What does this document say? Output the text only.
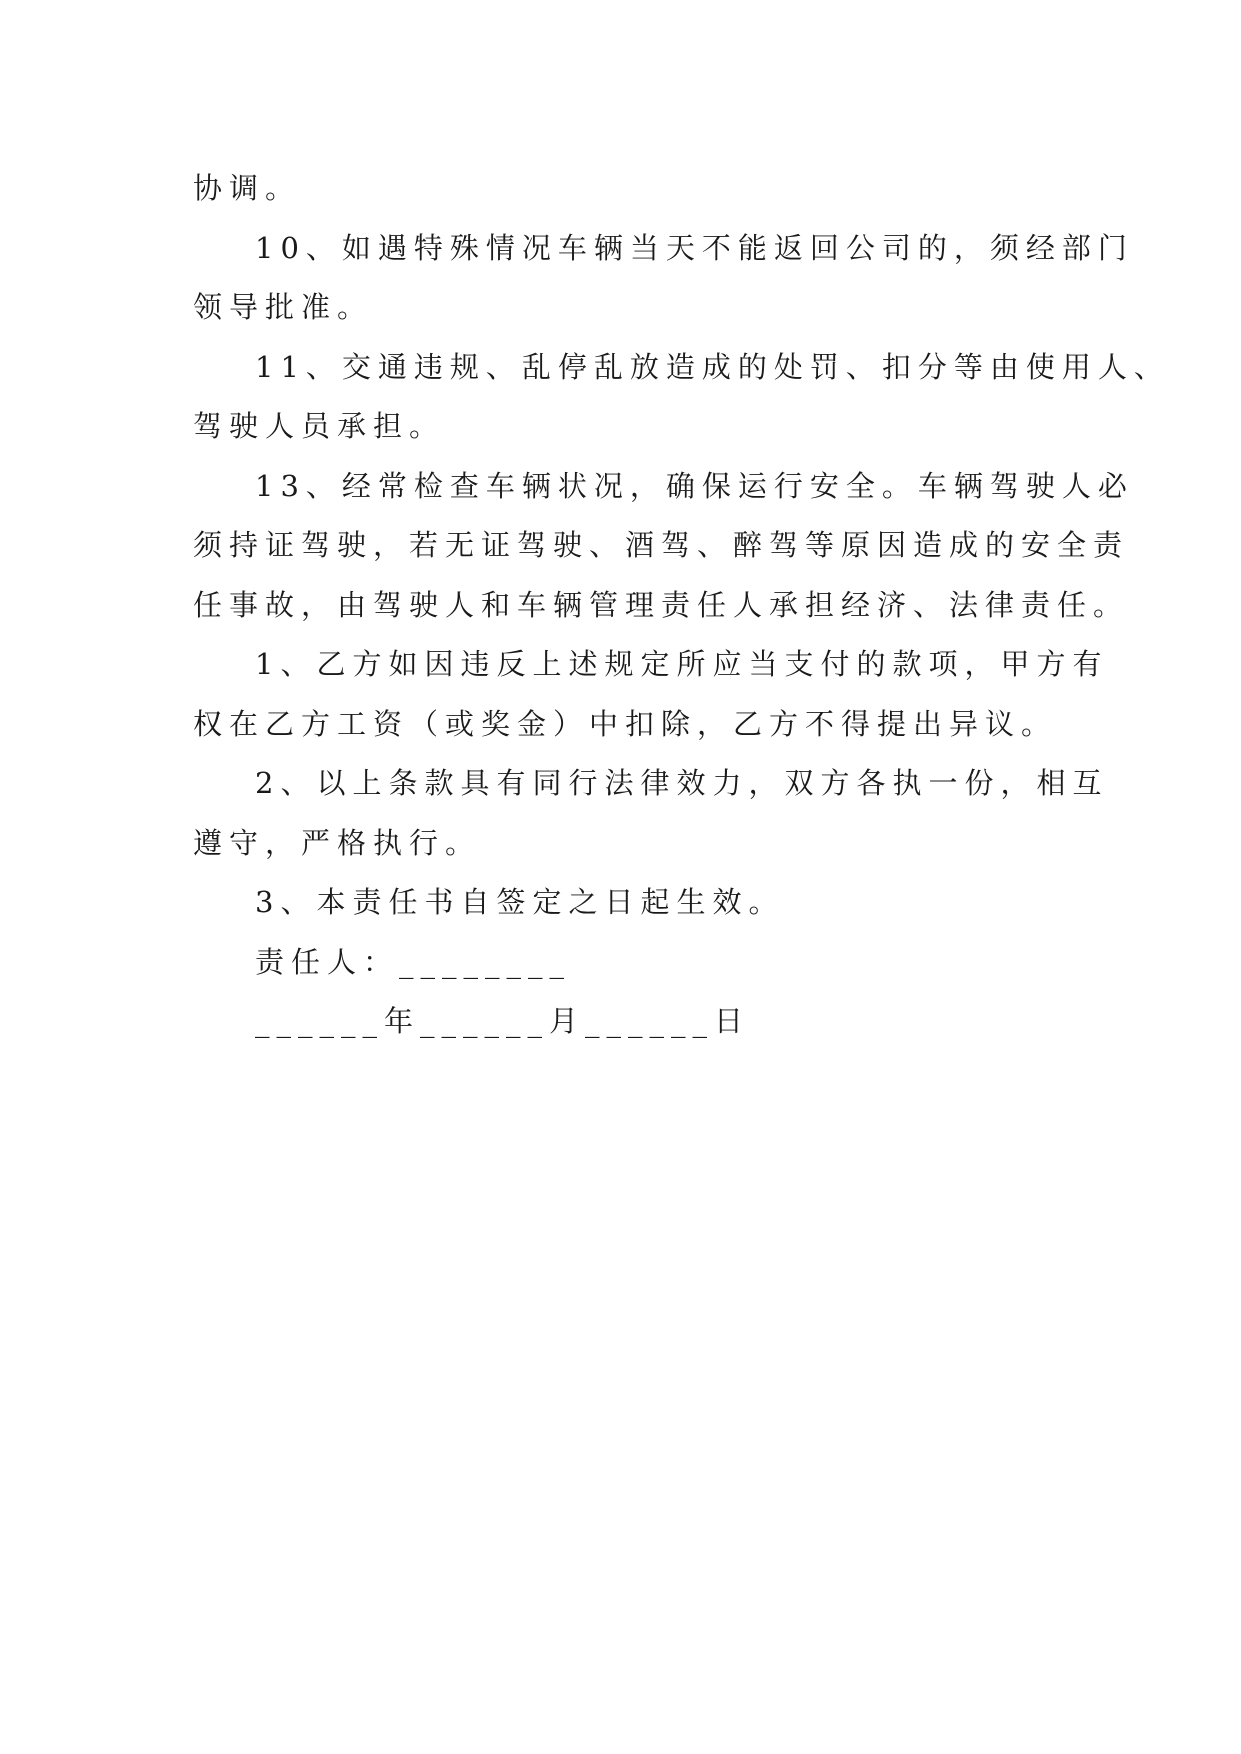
协调。
10、如遇特殊情况车辆当天不能返回公司的，须经部门
领导批准。
11、交通违规、乱停乱放造成的处罚、扣分等由使用人、
驾驶人员承担。
13、经常检查车辆状况，确保运行安全。车辆驾驶人必
须持证驾驶，若无证驾驶、酒驾、醉驾等原因造成的安全责
任事故，由驾驶人和车辆管理责任人承担经济、法律责任。
1、乙方如因违反上述规定所应当支付的款项，甲方有
权在乙方工资（或奖金）中扣除，乙方不得提出异议。
2、以上条款具有同行法律效力，双方各执一份，相互
遵守，严格执行。
3、本责任书自签定之日起生效。
责任人：________
______年______月______日
